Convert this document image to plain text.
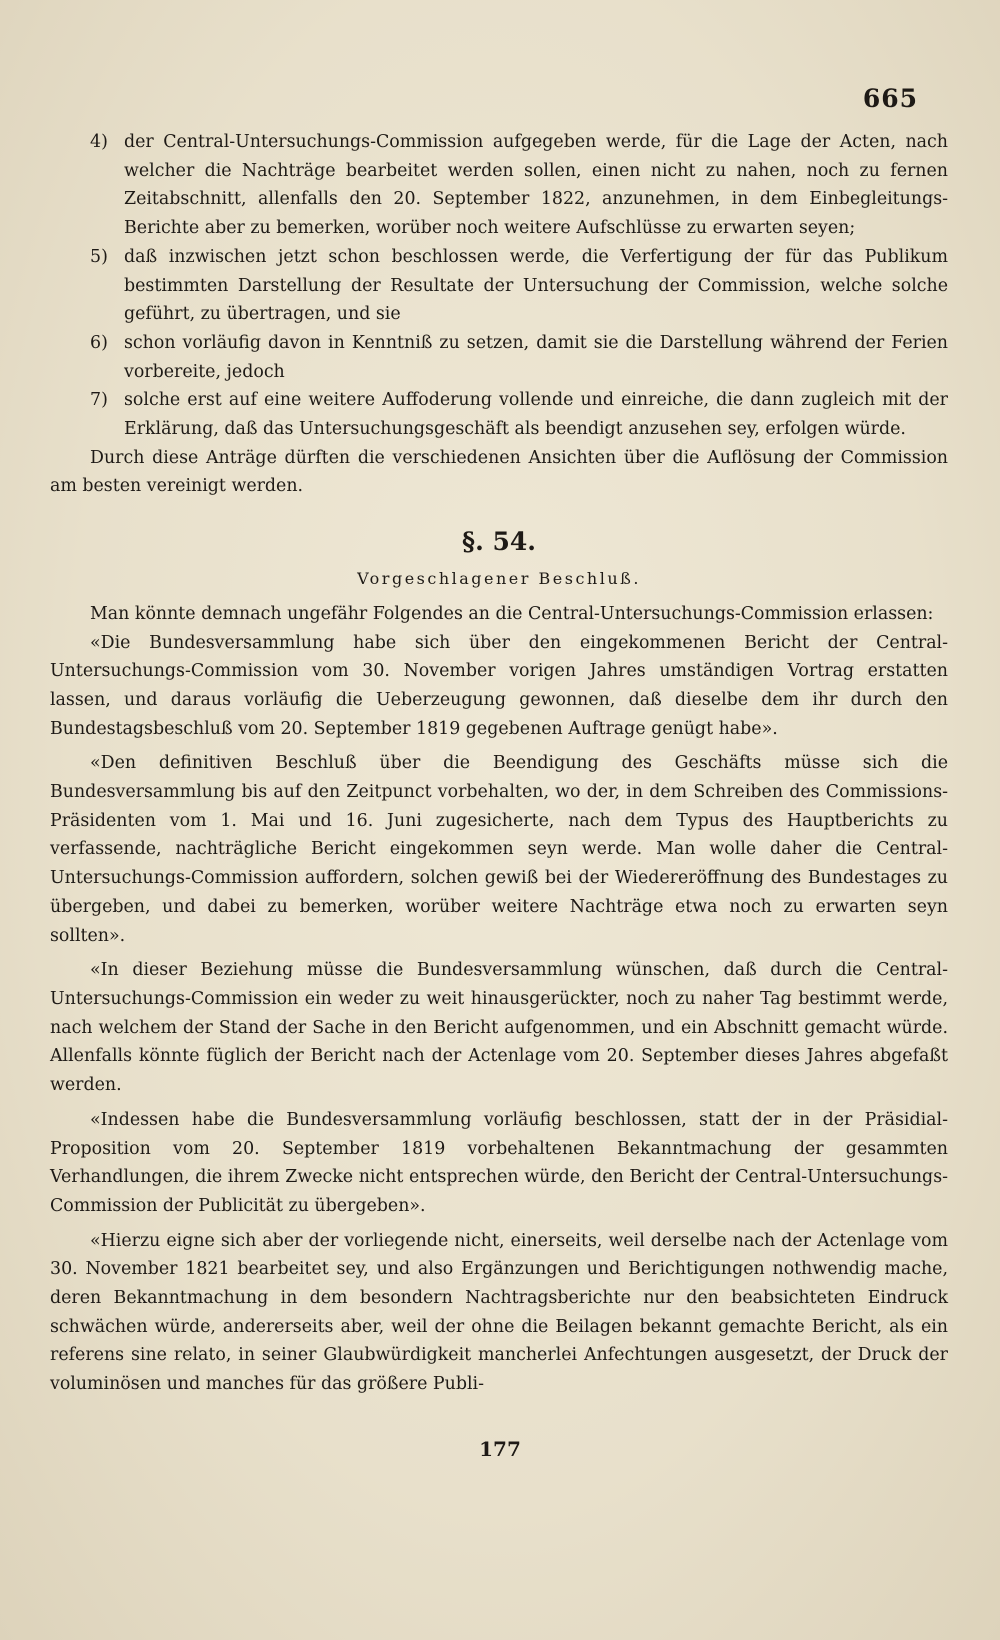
665

4) der Central-Untersuchungs-Commission aufgegeben werde, für die Lage der Acten, nach welcher die Nachträge bearbeitet werden sollen, einen nicht zu nahen, noch zu fernen Zeitabschnitt, allenfalls den 20. September 1822, anzunehmen, in dem Einbegleitungs-Berichte aber zu bemerken, worüber noch weitere Aufschlüsse zu erwarten seyen;

5) daß inzwischen jetzt schon beschlossen werde, die Verfertigung der für das Publikum bestimmten Darstellung der Resultate der Untersuchung der Commission, welche solche geführt, zu übertragen, und sie

6) schon vorläufig davon in Kenntniß zu setzen, damit sie die Darstellung während der Ferien vorbereite, jedoch

7) solche erst auf eine weitere Auffoderung vollende und einreiche, die dann zugleich mit der Erklärung, daß das Untersuchungsgeschäft als beendigt anzusehen sey, erfolgen würde.

Durch diese Anträge dürften die verschiedenen Ansichten über die Auflösung der Commission am besten vereinigt werden.

§. 54.

Vorgeschlagener Beschluß.

Man könnte demnach ungefähr Folgendes an die Central-Untersuchungs-Commission erlassen:

«Die Bundesversammlung habe sich über den eingekommenen Bericht der Central-Untersuchungs-Commission vom 30. November vorigen Jahres umständigen Vortrag erstatten lassen, und daraus vorläufig die Ueberzeugung gewonnen, daß dieselbe dem ihr durch den Bundestagsbeschluß vom 20. September 1819 gegebenen Auftrage genügt habe».

«Den definitiven Beschluß über die Beendigung des Geschäfts müsse sich die Bundesversammlung bis auf den Zeitpunct vorbehalten, wo der, in dem Schreiben des Commissions-Präsidenten vom 1. Mai und 16. Juni zugesicherte, nach dem Typus des Hauptberichts zu verfassende, nachträgliche Bericht eingekommen seyn werde. Man wolle daher die Central-Untersuchungs-Commission auffordern, solchen gewiß bei der Wiedereröffnung des Bundestages zu übergeben, und dabei zu bemerken, worüber weitere Nachträge etwa noch zu erwarten seyn sollten».

«In dieser Beziehung müsse die Bundesversammlung wünschen, daß durch die Central-Untersuchungs-Commission ein weder zu weit hinausgerückter, noch zu naher Tag bestimmt werde, nach welchem der Stand der Sache in den Bericht aufgenommen, und ein Abschnitt gemacht würde. Allenfalls könnte füglich der Bericht nach der Actenlage vom 20. September dieses Jahres abgefaßt werden.

«Indessen habe die Bundesversammlung vorläufig beschlossen, statt der in der Präsidial-Proposition vom 20. September 1819 vorbehaltenen Bekanntmachung der gesammten Verhandlungen, die ihrem Zwecke nicht entsprechen würde, den Bericht der Central-Untersuchungs-Commission der Publicität zu übergeben».

«Hierzu eigne sich aber der vorliegende nicht, einerseits, weil derselbe nach der Actenlage vom 30. November 1821 bearbeitet sey, und also Ergänzungen und Berichtigungen nothwendig mache, deren Bekanntmachung in dem besondern Nachtragsberichte nur den beabsichteten Eindruck schwächen würde, andererseits aber, weil der ohne die Beilagen bekannt gemachte Bericht, als ein referens sine relato, in seiner Glaubwürdigkeit mancherlei Anfechtungen ausgesetzt, der Druck der voluminösen und manches für das größere Publi-

177
